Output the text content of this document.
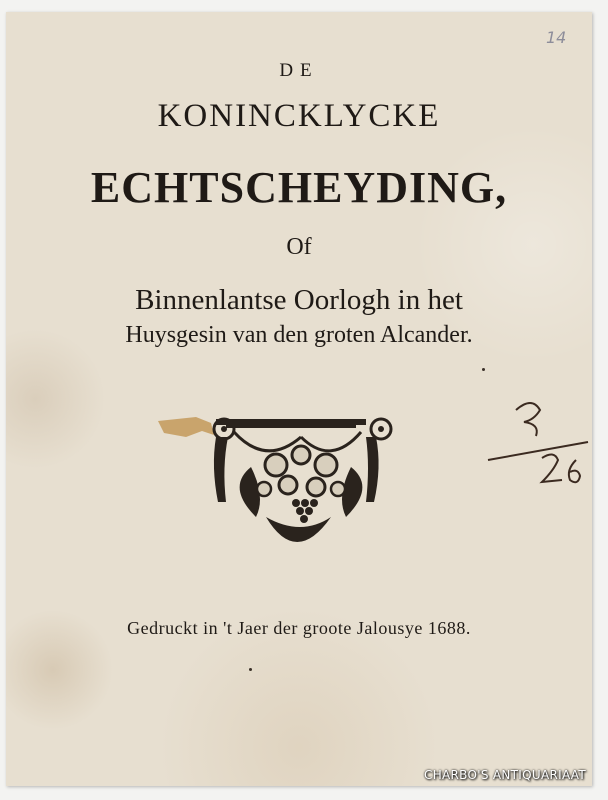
14
DE
KONINCKLYCKE
ECHTSCHEYDING,
Of
Binnenlantse Oorlogh in het
Huysgesin van den groten Alcander.
Gedruckt in 't Jaer der groote Jalousye 1688.
CHARBO'S ANTIQUARIAAT
